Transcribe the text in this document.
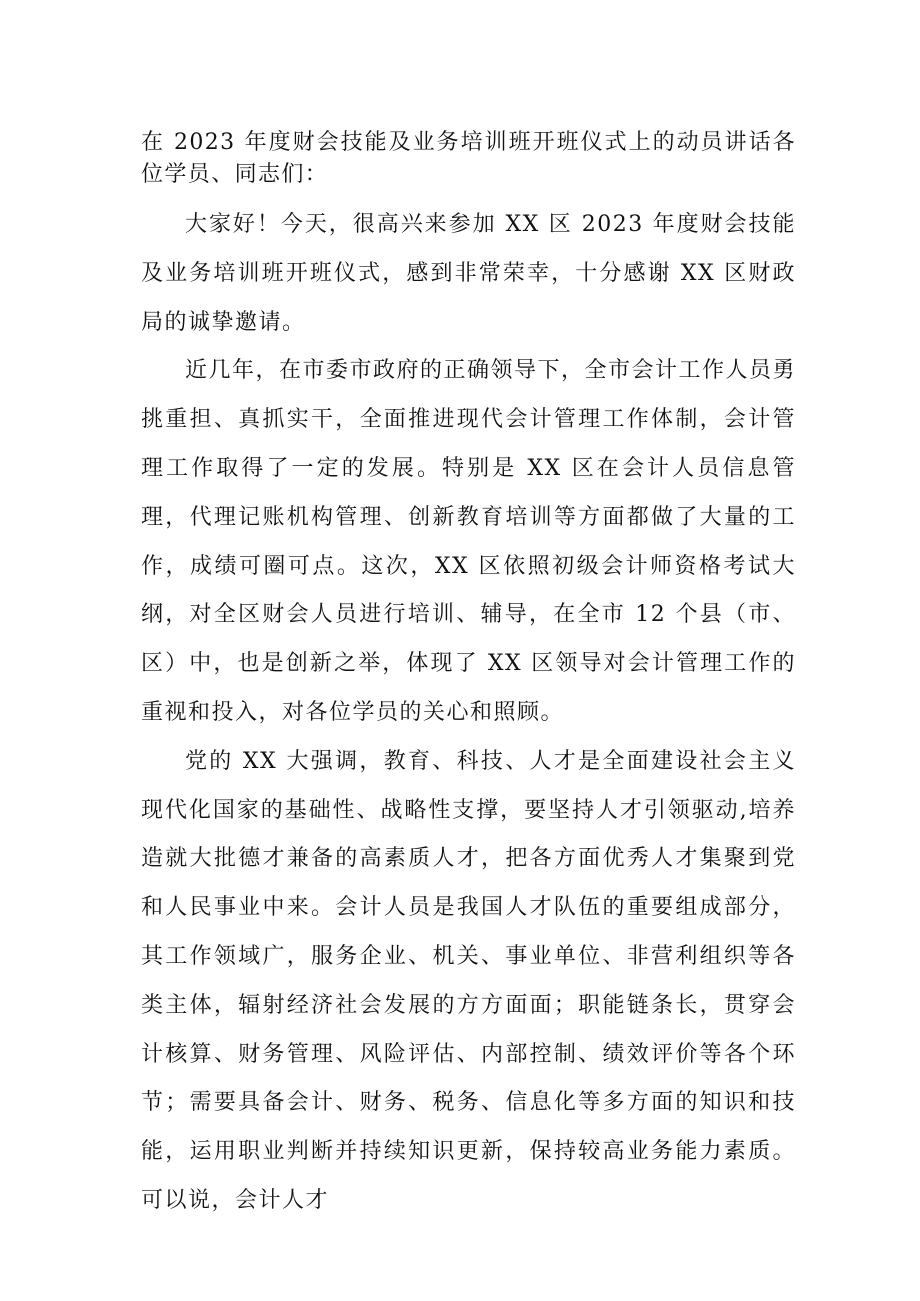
在 2023 年度财会技能及业务培训班开班仪式上的动员讲话各位学员、同志们：

大家好！今天，很高兴来参加 XX 区 2023 年度财会技能及业务培训班开班仪式，感到非常荣幸，十分感谢 XX 区财政局的诚挚邀请。

近几年，在市委市政府的正确领导下，全市会计工作人员勇挑重担、真抓实干，全面推进现代会计管理工作体制，会计管理工作取得了一定的发展。特别是 XX 区在会计人员信息管理，代理记账机构管理、创新教育培训等方面都做了大量的工作，成绩可圈可点。这次，XX 区依照初级会计师资格考试大纲，对全区财会人员进行培训、辅导，在全市 12 个县（市、区）中，也是创新之举，体现了 XX 区领导对会计管理工作的重视和投入，对各位学员的关心和照顾。

党的 XX 大强调，教育、科技、人才是全面建设社会主义现代化国家的基础性、战略性支撑，要坚持人才引领驱动,培养造就大批德才兼备的高素质人才，把各方面优秀人才集聚到党和人民事业中来。会计人员是我国人才队伍的重要组成部分，其工作领域广，服务企业、机关、事业单位、非营利组织等各类主体，辐射经济社会发展的方方面面；职能链条长，贯穿会计核算、财务管理、风险评估、内部控制、绩效评价等各个环节；需要具备会计、财务、税务、信息化等多方面的知识和技能，运用职业判断并持续知识更新，保持较高业务能力素质。可以说，会计人才
